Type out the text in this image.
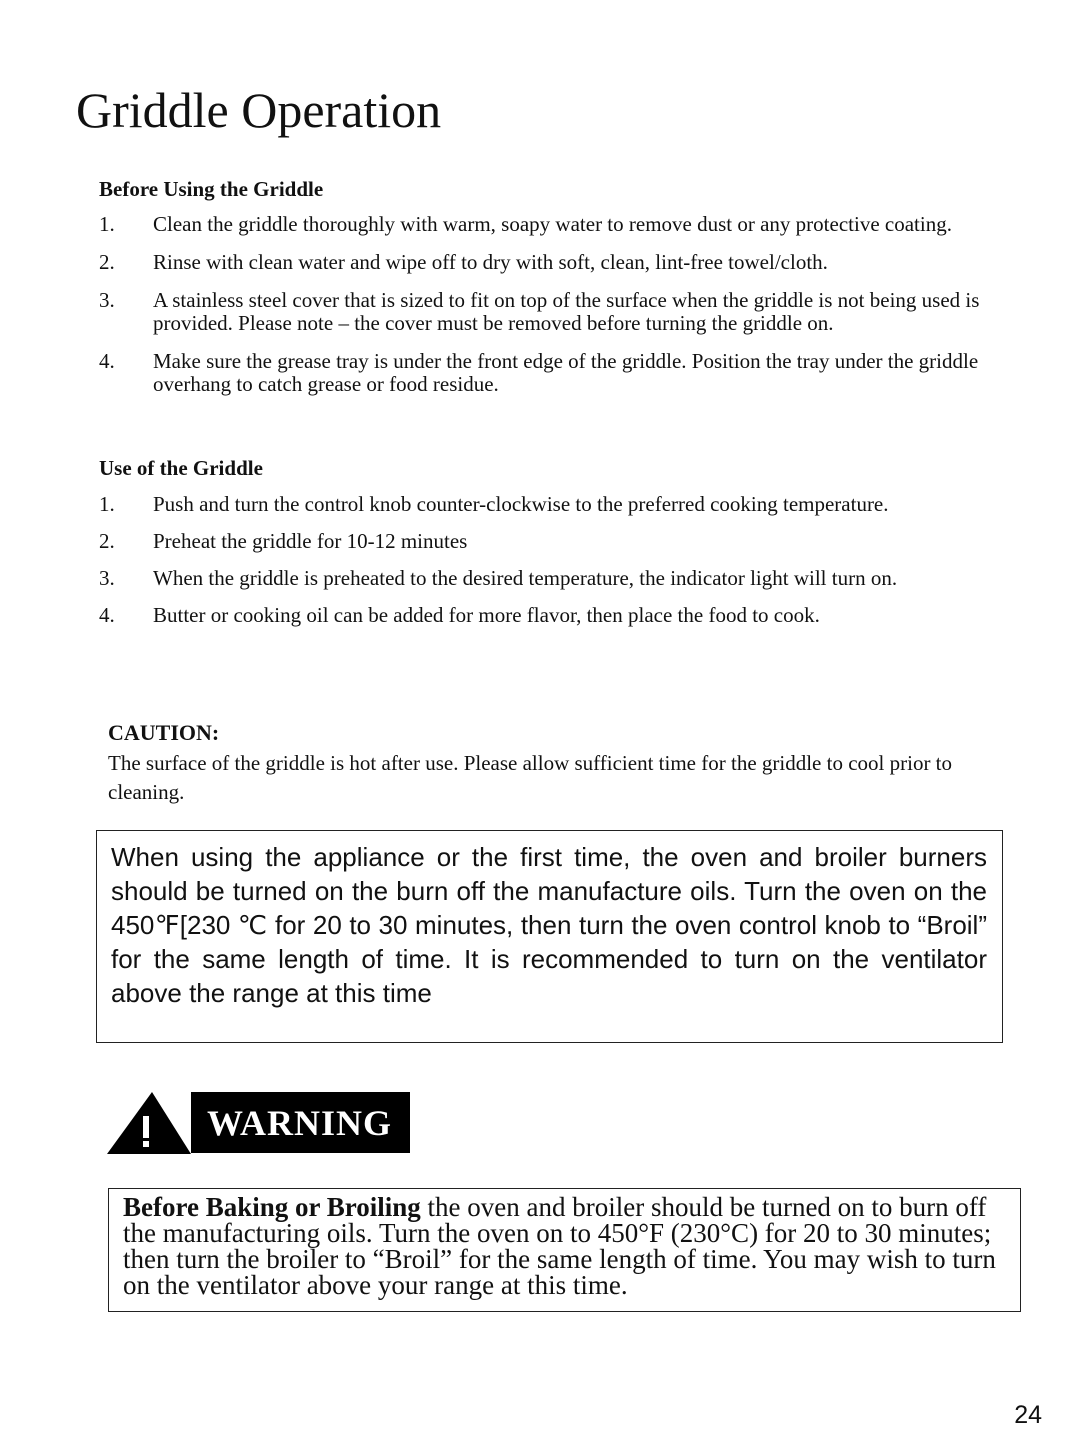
Griddle Operation
Before Using the Griddle
1.	Clean the griddle thoroughly with warm, soapy water to remove dust or any protective coating.
2.	Rinse with clean water and wipe off to dry with soft, clean, lint-free towel/cloth.
3.	A stainless steel cover that is sized to fit on top of the surface when the griddle is not being used is provided. Please note – the cover must be removed before turning the griddle on.
4.	Make sure the grease tray is under the front edge of the griddle. Position the tray under the griddle overhang to catch grease or food residue.
Use of the Griddle
1.	Push and turn the control knob counter-clockwise to the preferred cooking temperature.
2.	Preheat the griddle for 10-12 minutes
3.	When the griddle is preheated to the desired temperature, the indicator light will turn on.
4.	Butter or cooking oil can be added for more flavor, then place the food to cook.

CAUTION:

The surface of the griddle is hot after use. Please allow sufficient time for the griddle to cool prior to cleaning.

When using the appliance or the first time, the oven and broiler burners should be turned on the burn off the manufacture oils. Turn the oven on the 450℉[230 ℃ for 20 to 30 minutes, then turn the oven control knob to “Broil” for the same length of time. It is recommended to turn on the ventilator above the range at this time

WARNING

Before Baking or Broiling the oven and broiler should be turned on to burn off the manufacturing oils. Turn the oven on to 450°F (230°C) for 20 to 30 minutes; then turn the broiler to “Broil” for the same length of time. You may wish to turn on the ventilator above your range at this time.

24
